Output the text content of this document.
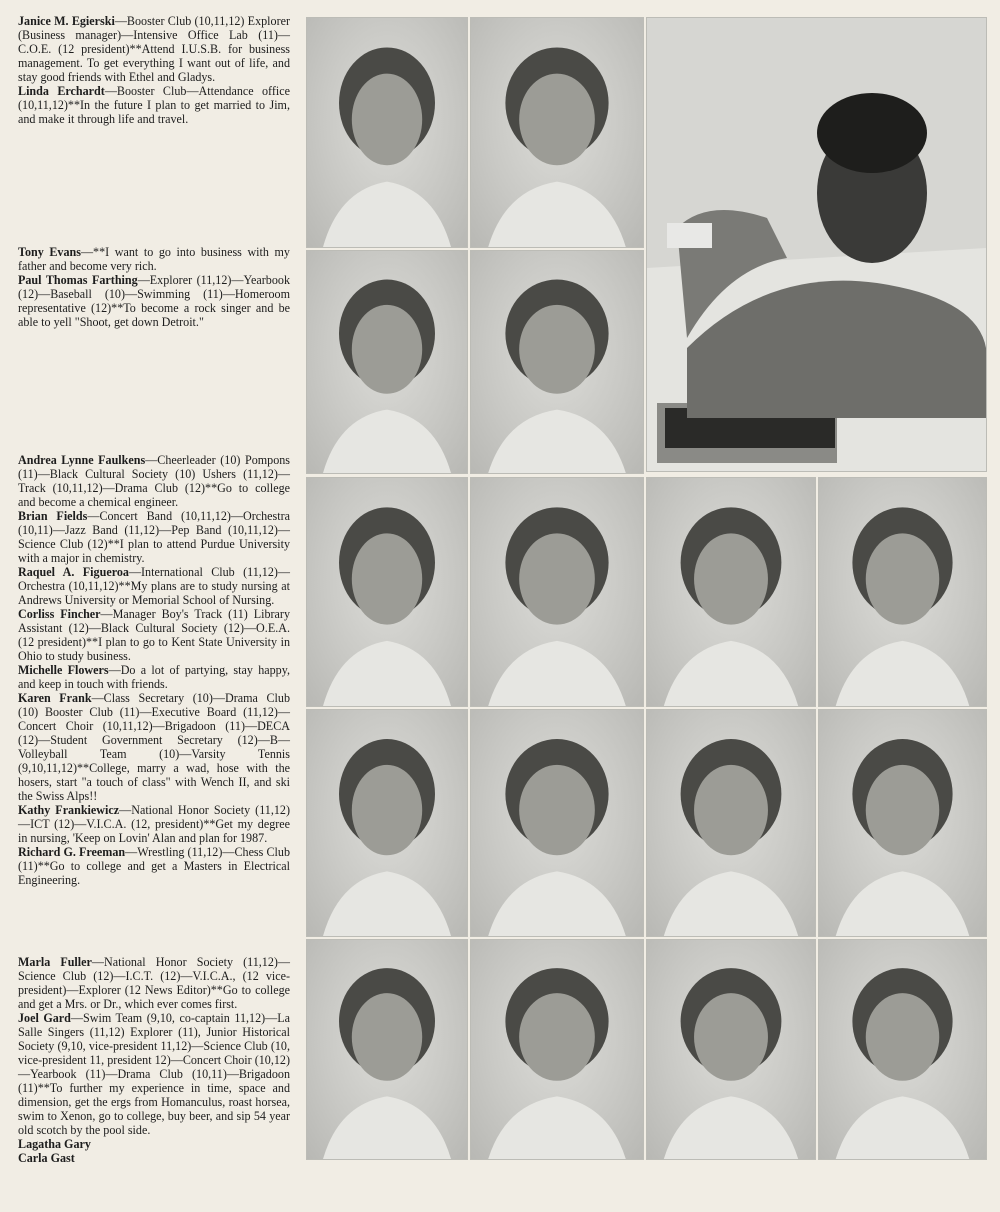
Janice M. Egierski—Booster Club (10,11,12) Explorer (Business manager)—Intensive Office Lab (11)—C.O.E. (12 president)**Attend I.U.S.B. for business management. To get everything I want out of life, and stay good friends with Ethel and Gladys.

Linda Erchardt—Booster Club—Attendance office (10,11,12)**In the future I plan to get married to Jim, and make it through life and travel.

Tony Evans—**I want to go into business with my father and become very rich.

Paul Thomas Farthing—Explorer (11,12)—Yearbook (12)—Baseball (10)—Swimming (11)—Homeroom representative (12)**To become a rock singer and be able to yell "Shoot, get down Detroit."

Andrea Lynne Faulkens—Cheerleader (10) Pompons (11)—Black Cultural Society (10) Ushers (11,12)—Track (10,11,12)—Drama Club (12)**Go to college and become a chemical engineer.

Brian Fields—Concert Band (10,11,12)—Orchestra (10,11)—Jazz Band (11,12)—Pep Band (10,11,12)—Science Club (12)**I plan to attend Purdue University with a major in chemistry.

Raquel A. Figueroa—International Club (11,12)—Orchestra (10,11,12)**My plans are to study nursing at Andrews University or Memorial School of Nursing.

Corliss Fincher—Manager Boy's Track (11) Library Assistant (12)—Black Cultural Society (12)—O.E.A. (12 president)**I plan to go to Kent State University in Ohio to study business.

Michelle Flowers—Do a lot of partying, stay happy, and keep in touch with friends.

Karen Frank—Class Secretary (10)—Drama Club (10) Booster Club (11)—Executive Board (11,12)—Concert Choir (10,11,12)—Brigadoon (11)—DECA (12)—Student Government Secretary (12)—B—Volleyball Team (10)—Varsity Tennis (9,10,11,12)**College, marry a wad, hose with the hosers, start "a touch of class" with Wench II, and ski the Swiss Alps!!

Kathy Frankiewicz—National Honor Society (11,12)—ICT (12)—V.I.C.A. (12, president)**Get my degree in nursing, 'Keep on Lovin' Alan and plan for 1987.

Richard G. Freeman—Wrestling (11,12)—Chess Club (11)**Go to college and get a Masters in Electrical Engineering.

Marla Fuller—National Honor Society (11,12)—Science Club (12)—I.C.T. (12)—V.I.C.A., (12 vice-president)—Explorer (12 News Editor)**Go to college and get a Mrs. or Dr., which ever comes first.

Joel Gard—Swim Team (9,10, co-captain 11,12)—La Salle Singers (11,12) Explorer (11), Junior Historical Society (9,10, vice-president 11,12)—Science Club (10, vice-president 11, president 12)—Concert Choir (10,12)—Yearbook (11)—Drama Club (10,11)—Brigadoon (11)**To further my experience in time, space and dimension, get the ergs from Homanculus, roast horsea, swim to Xenon, go to college, buy beer, and sip 54 year old scotch by the pool side.

Lagatha Gary

Carla Gast
